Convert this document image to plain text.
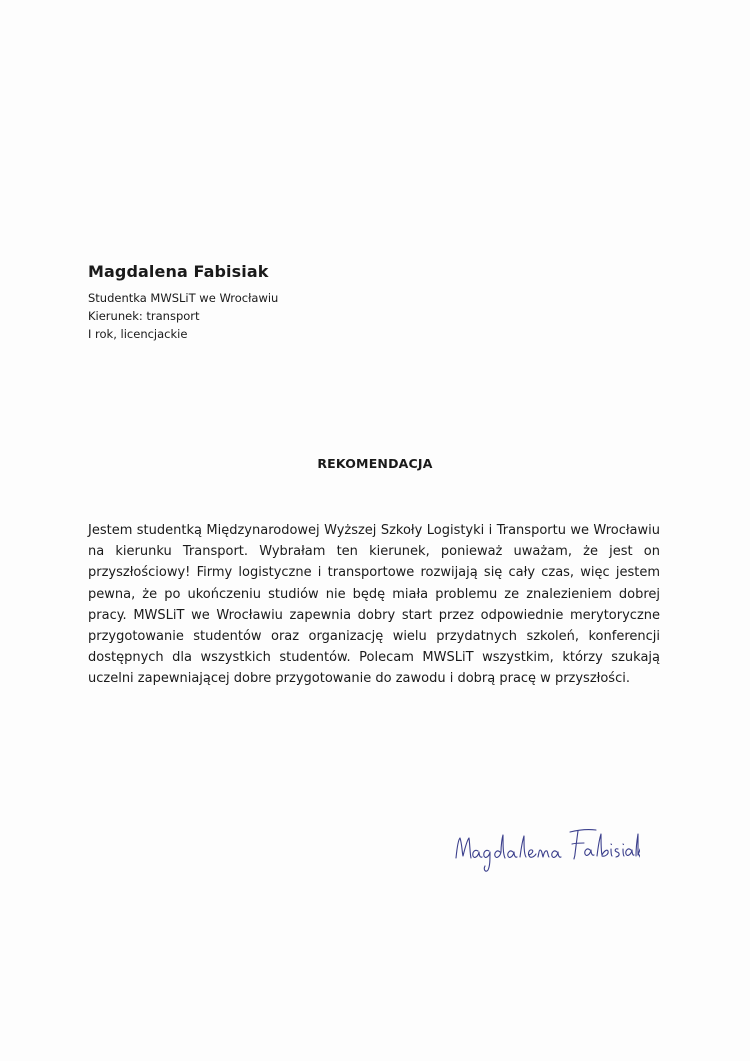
Magdalena Fabisiak

Studentka MWSLiT we Wrocławiu

Kierunek: transport

I rok, licencjackie

REKOMENDACJA

Jestem studentką Międzynarodowej Wyższej Szkoły Logistyki i Transportu we Wrocławiu na kierunku Transport. Wybrałam ten kierunek, ponieważ uważam, że jest on przyszłościowy! Firmy logistyczne i transportowe rozwijają się cały czas, więc jestem pewna, że po ukończeniu studiów nie będę miała problemu ze znalezieniem dobrej pracy. MWSLiT we Wrocławiu zapewnia dobry start przez odpowiednie merytoryczne przygotowanie studentów oraz organizację wielu przydatnych szkoleń, konferencji dostępnych dla wszystkich studentów. Polecam MWSLiT wszystkim, którzy szukają uczelni zapewniającej dobre przygotowanie do zawodu i dobrą pracę w przyszłości.
